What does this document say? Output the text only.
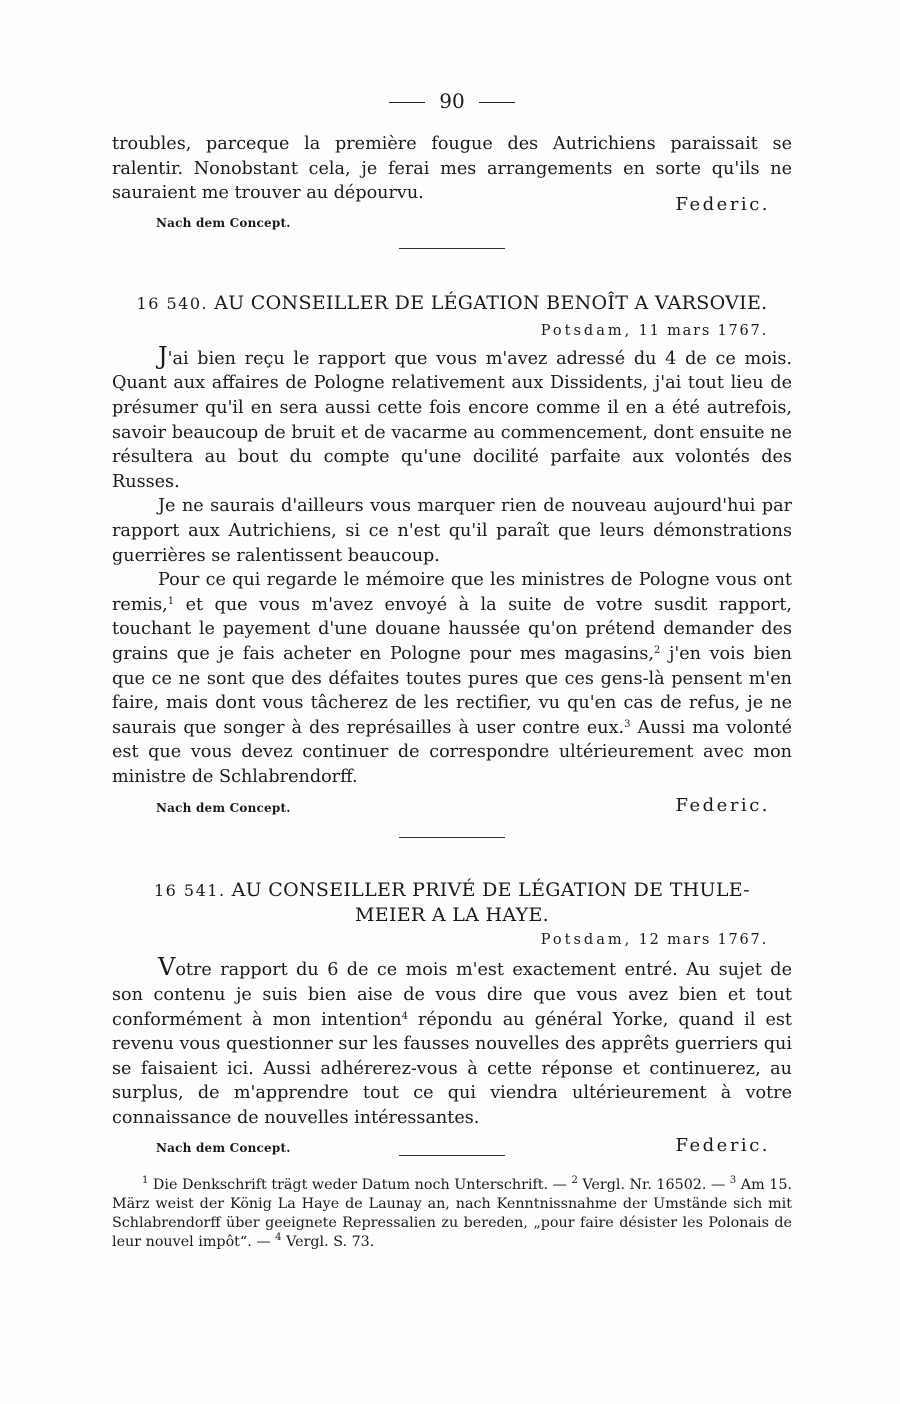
90

troubles, parceque la première fougue des Autrichiens paraissait se ralentir. Nonobstant cela, je ferai mes arrangements en sorte qu'ils ne sauraient me trouver au dépourvu.

Federic.
Nach dem Concept.
16 540. AU CONSEILLER DE LÉGATION BENOÎT A VARSOVIE.
Potsdam, 11 mars 1767.

J'ai bien reçu le rapport que vous m'avez adressé du 4 de ce mois. Quant aux affaires de Pologne relativement aux Dissidents, j'ai tout lieu de présumer qu'il en sera aussi cette fois encore comme il en a été autrefois, savoir beaucoup de bruit et de vacarme au commencement, dont ensuite ne résultera au bout du compte qu'une docilité parfaite aux volontés des Russes.

Je ne saurais d'ailleurs vous marquer rien de nouveau aujourd'hui par rapport aux Autrichiens, si ce n'est qu'il paraît que leurs démonstrations guerrières se ralentissent beaucoup.

Pour ce qui regarde le mémoire que les ministres de Pologne vous ont remis,$^1$ et que vous m'avez envoyé à la suite de votre susdit rapport, touchant le payement d'une douane haussée qu'on prétend demander des grains que je fais acheter en Pologne pour mes magasins,$^2$ j'en vois bien que ce ne sont que des défaites toutes pures que ces gens-là pensent m'en faire, mais dont vous tâcherez de les rectifier, vu qu'en cas de refus, je ne saurais que songer à des représailles à user contre eux.$^3$ Aussi ma volonté est que vous devez continuer de correspondre ultérieurement avec mon ministre de Schlabrendorff.

Nach dem Concept.	Federic.
16 541. AU CONSEILLER PRIVÉ DE LÉGATION DE THULE-
MEIER A LA HAYE.
Potsdam, 12 mars 1767.

Votre rapport du 6 de ce mois m'est exactement entré. Au sujet de son contenu je suis bien aise de vous dire que vous avez bien et tout conformément à mon intention$^4$ répondu au général Yorke, quand il est revenu vous questionner sur les fausses nouvelles des apprêts guerriers qui se faisaient ici. Aussi adhérerez-vous à cette réponse et continuerez, au surplus, de m'apprendre tout ce qui viendra ultérieurement à votre connaissance de nouvelles intéressantes.

Nach dem Concept.	Federic.

$^1$ Die Denkschrift trägt weder Datum noch Unterschrift. — $^2$ Vergl. Nr. 16502. — $^3$ Am 15. März weist der König La Haye de Launay an, nach Kenntnissnahme der Umstände sich mit Schlabrendorff über geeignete Repressalien zu bereden, „pour faire désister les Polonais de leur nouvel impôt“. — $^4$ Vergl. S. 73.
